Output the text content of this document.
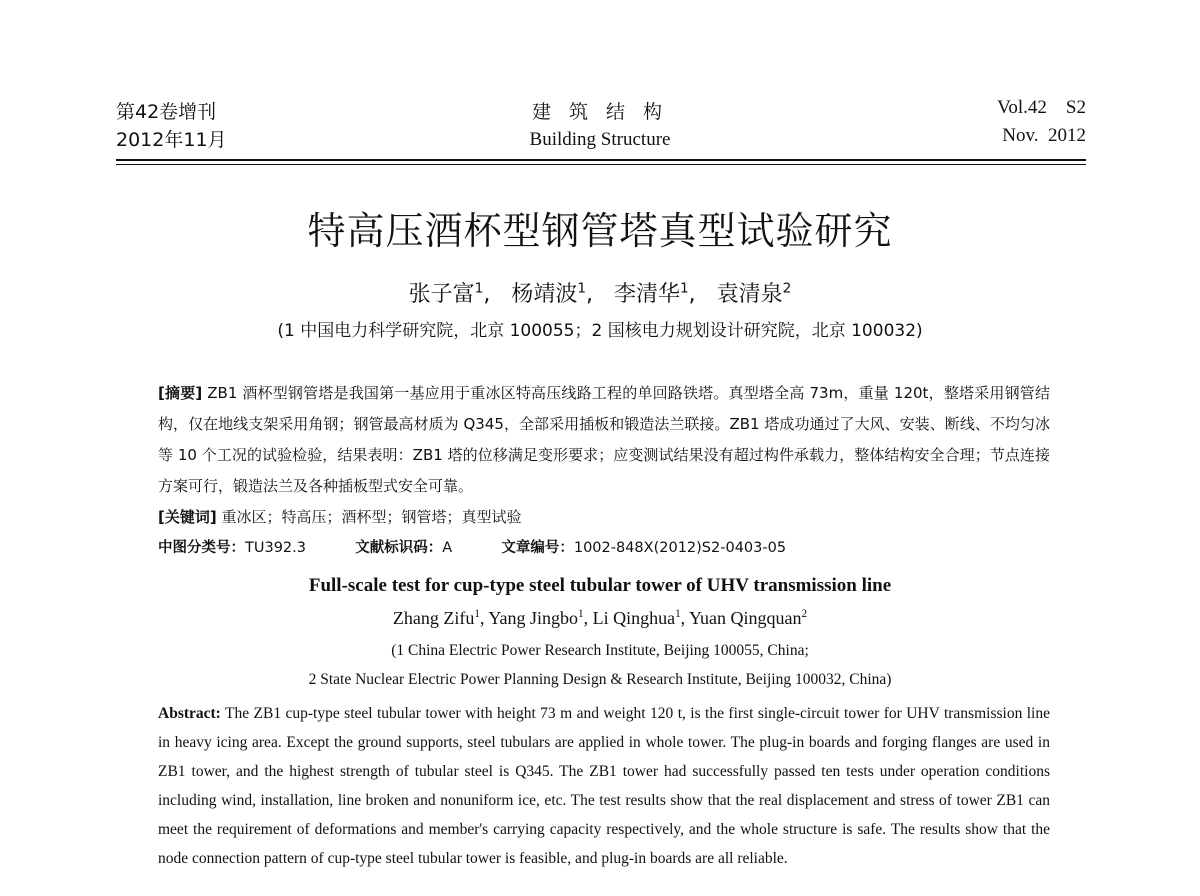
第42卷增刊
2012年11月
建 筑 结 构
Building Structure
Vol.42    S2
Nov.  2012
特高压酒杯型钢管塔真型试验研究
张子富$^1$,   杨靖波$^1$,   李清华$^1$,   袁清泉$^2$
(1 中国电力科学研究院，北京 100055；2 国核电力规划设计研究院，北京 100032)
[摘要] ZB1 酒杯型钢管塔是我国第一基应用于重冰区特高压线路工程的单回路铁塔。真型塔全高 73m，重量 120t，整塔采用钢管结构，仅在地线支架采用角钢；钢管最高材质为 Q345，全部采用插板和锻造法兰联接。ZB1 塔成功通过了大风、安装、断线、不均匀冰等 10 个工况的试验检验，结果表明：ZB1 塔的位移满足变形要求；应变测试结果没有超过构件承载力，整体结构安全合理；节点连接方案可行，锻造法兰及各种插板型式安全可靠。
[关键词] 重冰区；特高压；酒杯型；钢管塔；真型试验
中图分类号：TU392.3	文献标识码：A	文章编号：1002-848X(2012)S2-0403-05
Full-scale test for cup-type steel tubular tower of UHV transmission line
Zhang Zifu$^1$, Yang Jingbo$^1$, Li Qinghua$^1$, Yuan Qingquan$^2$
(1 China Electric Power Research Institute, Beijing 100055, China;
2 State Nuclear Electric Power Planning Design & Research Institute, Beijing 100032, China)
Abstract: The ZB1 cup-type steel tubular tower with height 73 m and weight 120 t, is the first single-circuit tower for UHV transmission line in heavy icing area. Except the ground supports, steel tubulars are applied in whole tower. The plug-in boards and forging flanges are used in ZB1 tower, and the highest strength of tubular steel is Q345. The ZB1 tower had successfully passed ten tests under operation conditions including wind, installation, line broken and nonuniform ice, etc. The test results show that the real displacement and stress of tower ZB1 can meet the requirement of deformations and member's carrying capacity respectively, and the whole structure is safe. The results show that the node connection pattern of cup-type steel tubular tower is feasible, and plug-in boards are all reliable.
